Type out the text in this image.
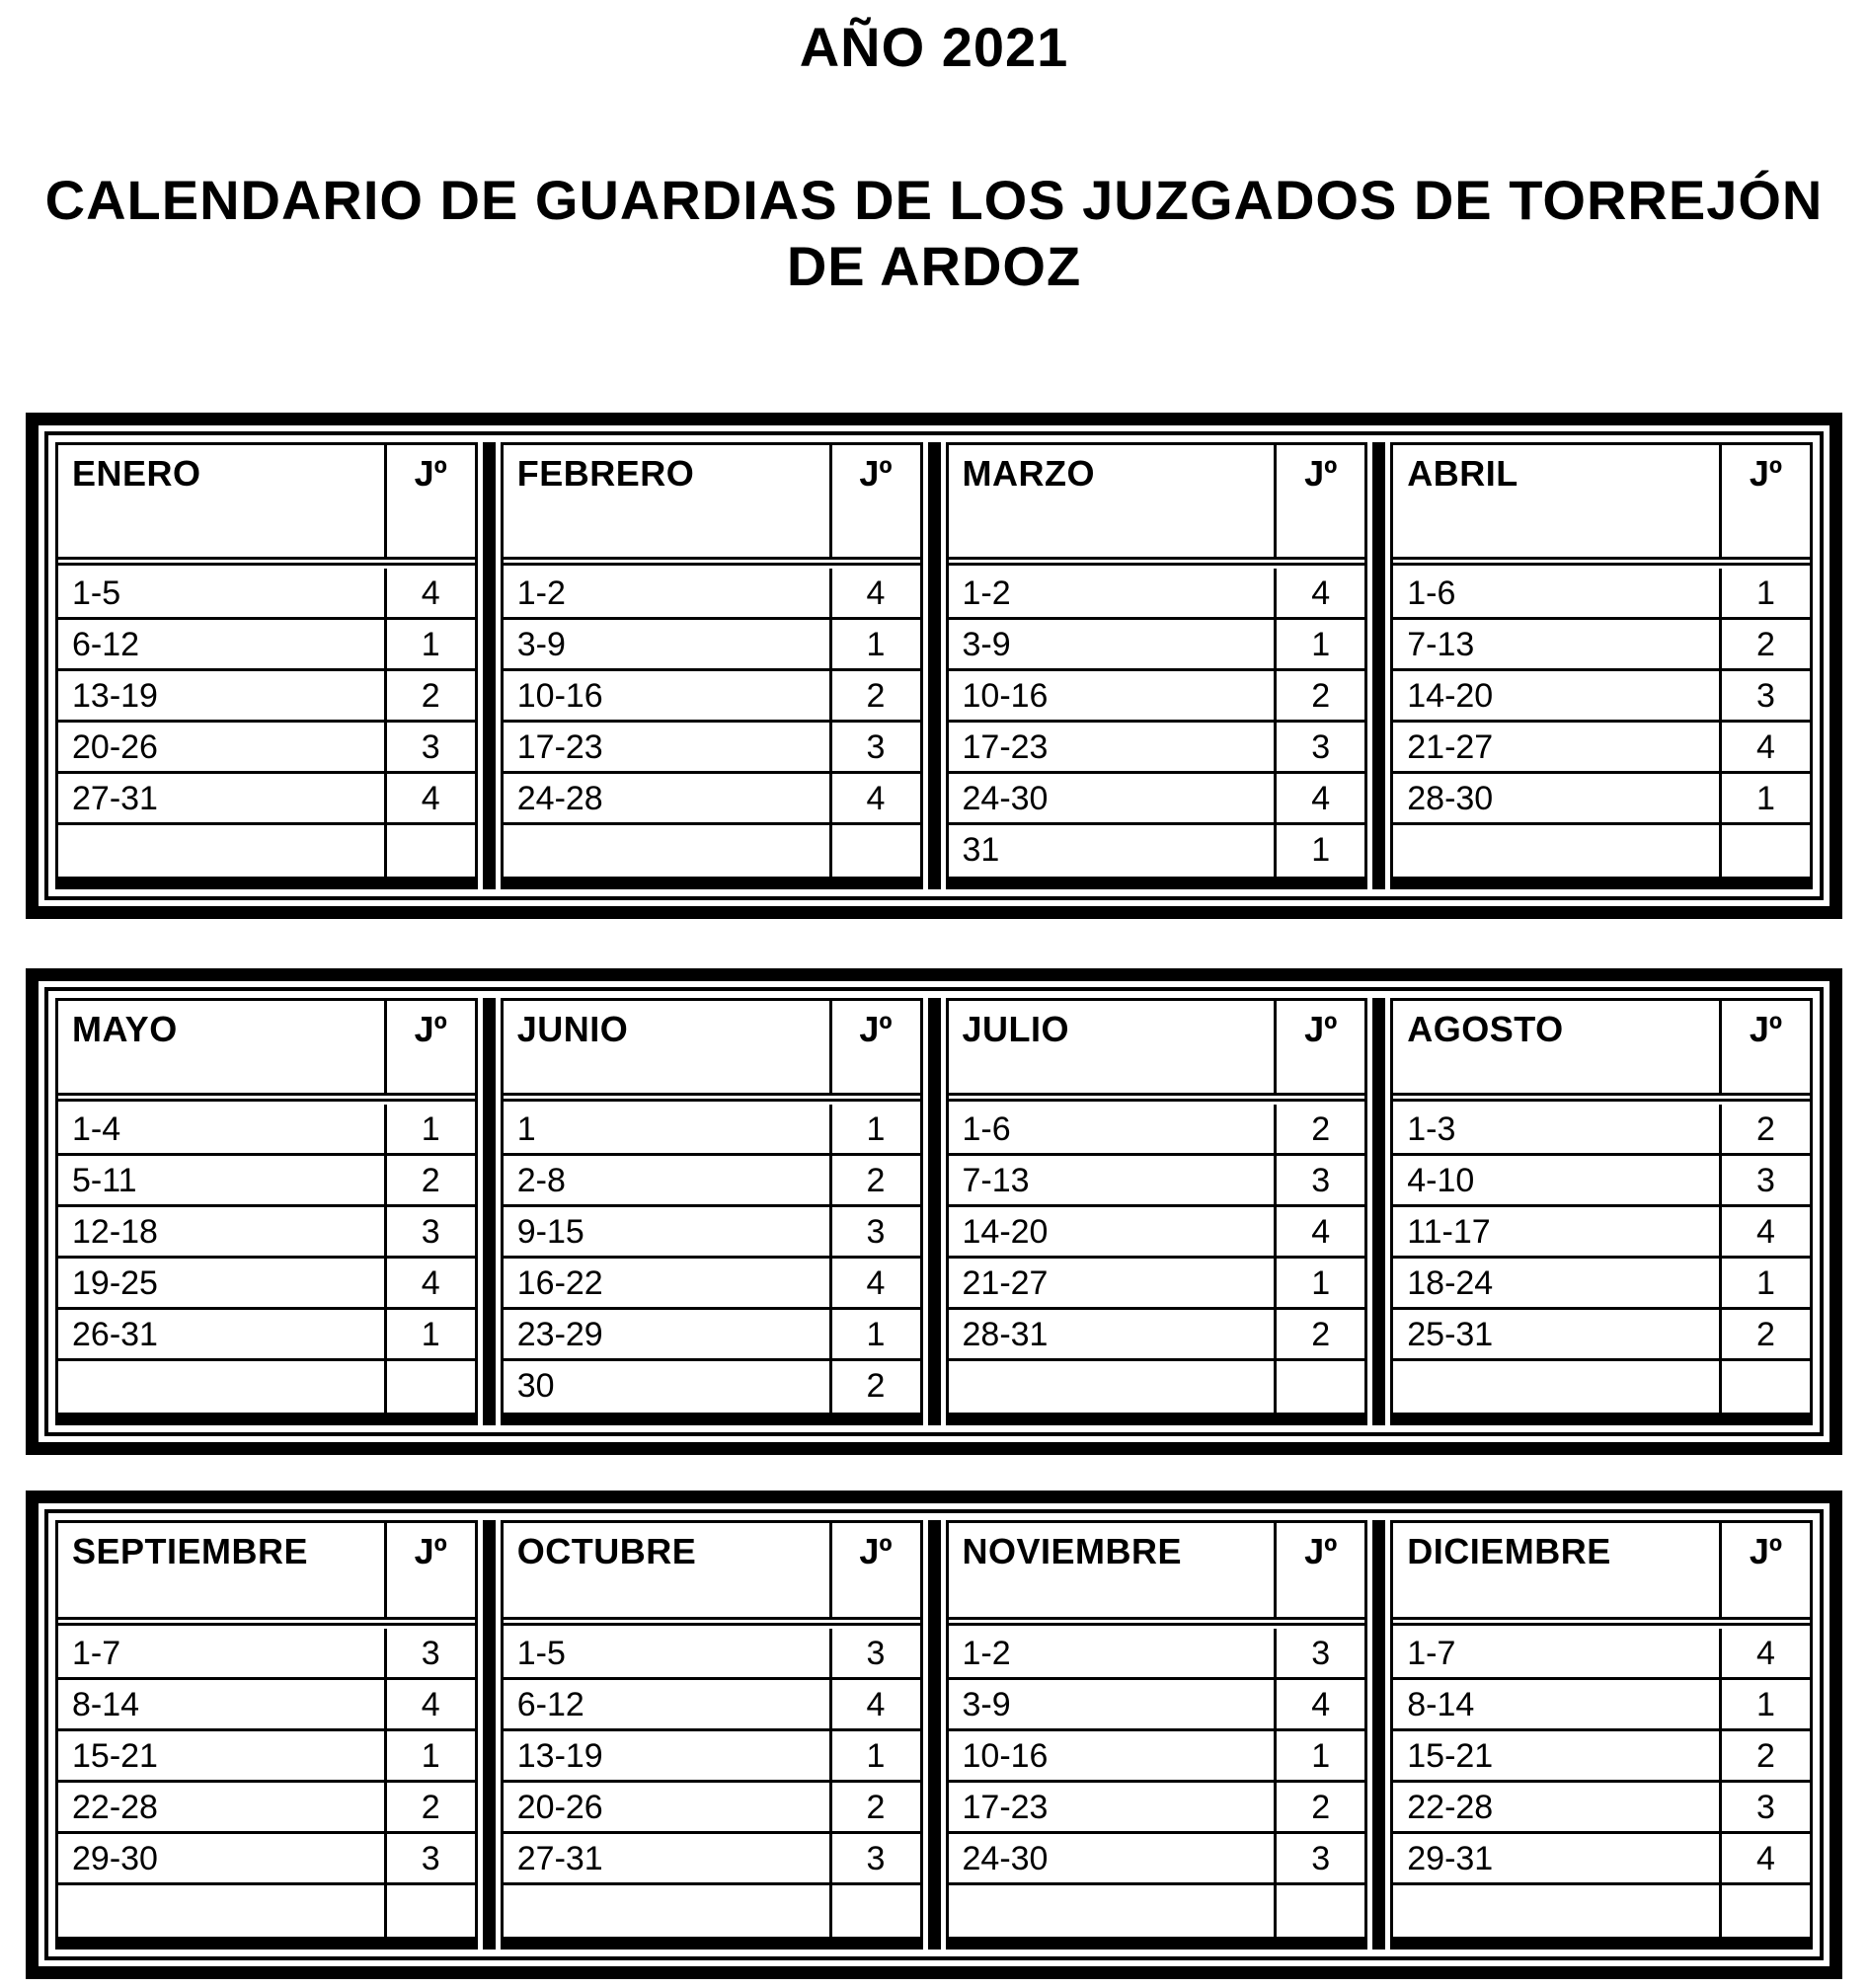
AÑO 2021
CALENDARIO DE GUARDIAS DE LOS JUZGADOS DE TORREJÓN
DE ARDOZ
ENERO	Jº
1-5	4
6-12	1
13-19	2
20-26	3
27-31	4
FEBRERO	Jº
1-2	4
3-9	1
10-16	2
17-23	3
24-28	4
MARZO	Jº
1-2	4
3-9	1
10-16	2
17-23	3
24-30	4
31	1
ABRIL	Jº
1-6	1
7-13	2
14-20	3
21-27	4
28-30	1
MAYO	Jº
1-4	1
5-11	2
12-18	3
19-25	4
26-31	1
JUNIO	Jº
1	1
2-8	2
9-15	3
16-22	4
23-29	1
30	2
JULIO	Jº
1-6	2
7-13	3
14-20	4
21-27	1
28-31	2
AGOSTO	Jº
1-3	2
4-10	3
11-17	4
18-24	1
25-31	2
SEPTIEMBRE	Jº
1-7	3
8-14	4
15-21	1
22-28	2
29-30	3
OCTUBRE	Jº
1-5	3
6-12	4
13-19	1
20-26	2
27-31	3
NOVIEMBRE	Jº
1-2	3
3-9	4
10-16	1
17-23	2
24-30	3
DICIEMBRE	Jº
1-7	4
8-14	1
15-21	2
22-28	3
29-31	4
